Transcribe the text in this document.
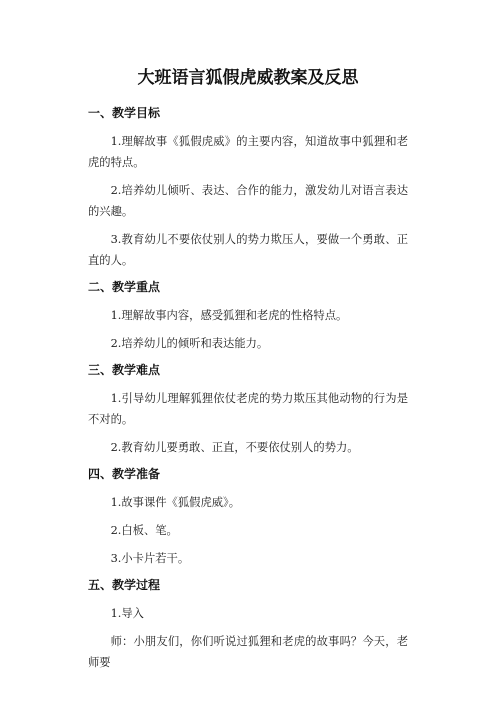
大班语言狐假虎威教案及反思
一、教学目标

1.理解故事《狐假虎威》的主要内容，知道故事中狐狸和老虎的特点。

2.培养幼儿倾听、表达、合作的能力，激发幼儿对语言表达的兴趣。

3.教育幼儿不要依仗别人的势力欺压人，要做一个勇敢、正直的人。

二、教学重点

1.理解故事内容，感受狐狸和老虎的性格特点。

2.培养幼儿的倾听和表达能力。

三、教学难点

1.引导幼儿理解狐狸依仗老虎的势力欺压其他动物的行为是不对的。

2.教育幼儿要勇敢、正直，不要依仗别人的势力。

四、教学准备

1.故事课件《狐假虎威》。

2.白板、笔。

3.小卡片若干。

五、教学过程

1.导入

师：小朋友们，你们听说过狐狸和老虎的故事吗？今天，老师要
